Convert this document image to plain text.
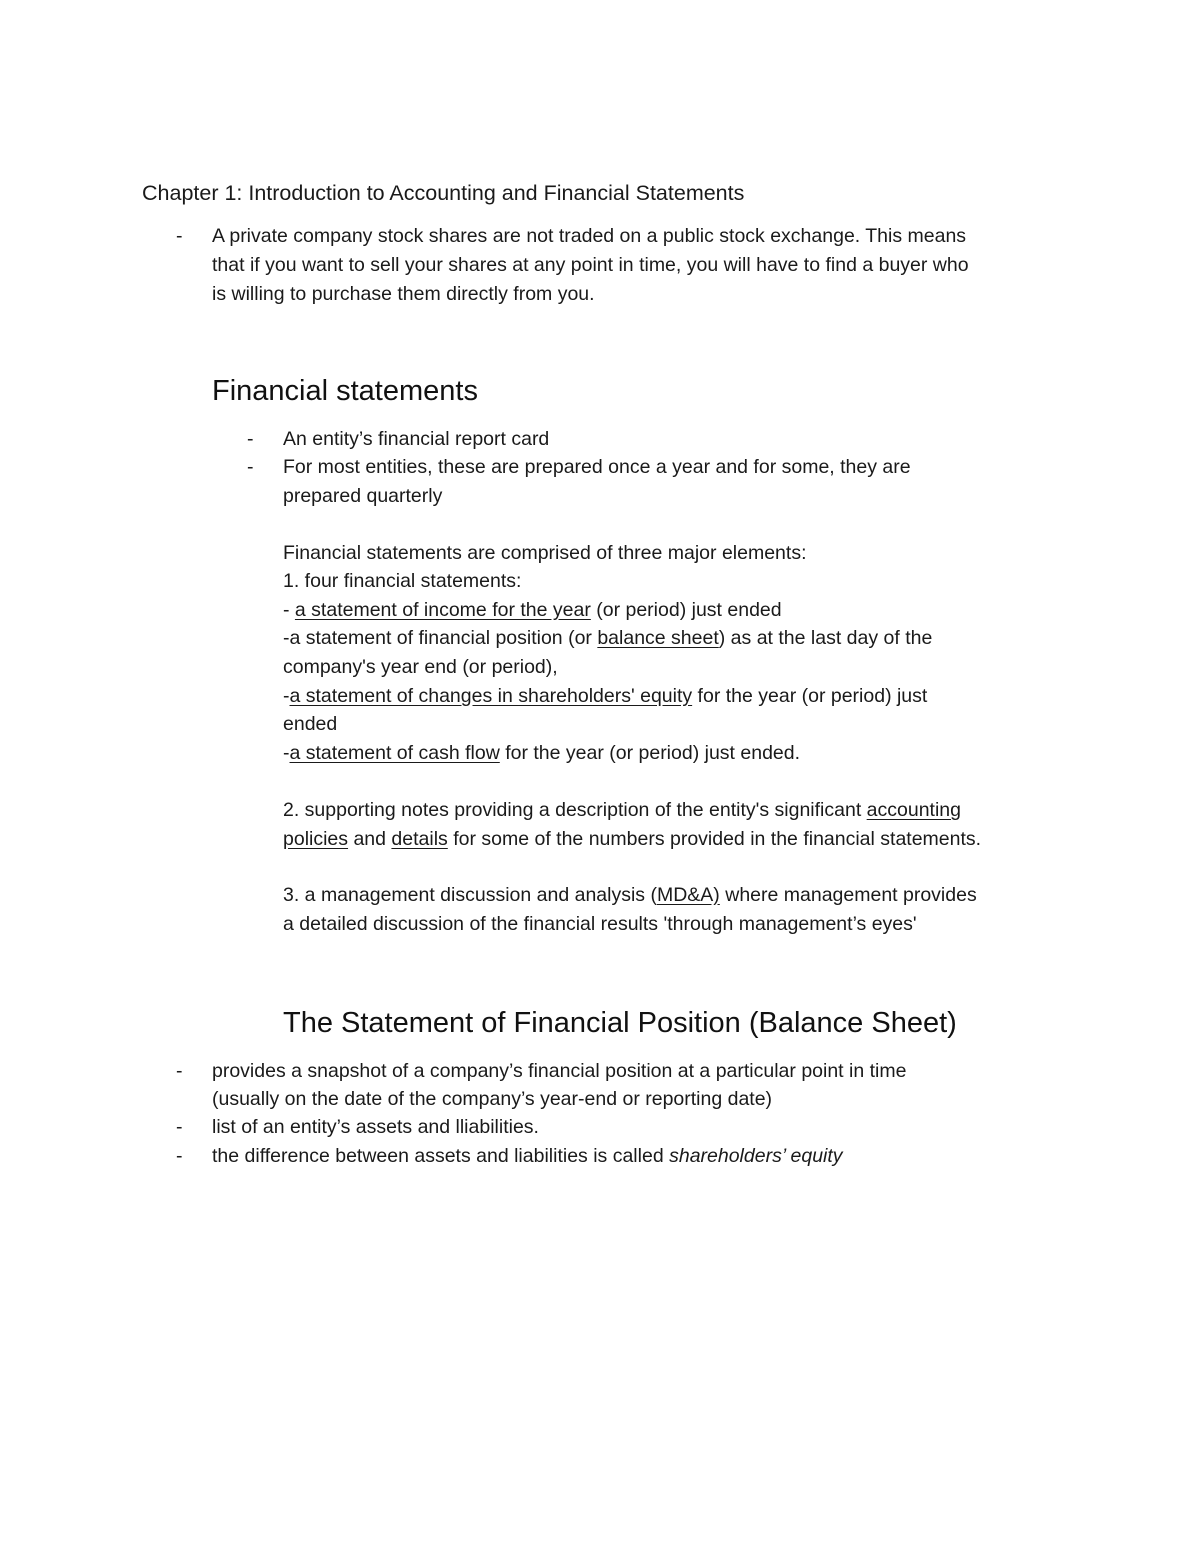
Chapter 1: Introduction to Accounting and Financial Statements
- A private company stock shares are not traded on a public stock exchange. This means
that if you want to sell your shares at any point in time, you will have to find a buyer who
is willing to purchase them directly from you.
Financial statements
- An entity’s financial report card
- For most entities, these are prepared once a year and for some, they are
prepared quarterly
Financial statements are comprised of three major elements:
1. four financial statements:
- a statement of income for the year (or period) just ended
-a statement of financial position (or balance sheet) as at the last day of the
company's year end (or period),
-a statement of changes in shareholders' equity for the year (or period) just
ended
-a statement of cash flow for the year (or period) just ended.
2. supporting notes providing a description of the entity's significant accounting
policies and details for some of the numbers provided in the financial statements.
3. a management discussion and analysis (MD&A) where management provides
a detailed discussion of the financial results 'through management’s eyes'
The Statement of Financial Position (Balance Sheet)
- provides a snapshot of a company’s financial position at a particular point in time
(usually on the date of the company’s year-end or reporting date)
- list of an entity’s assets and lliabilities.
- the difference between assets and liabilities is called shareholders’ equity
